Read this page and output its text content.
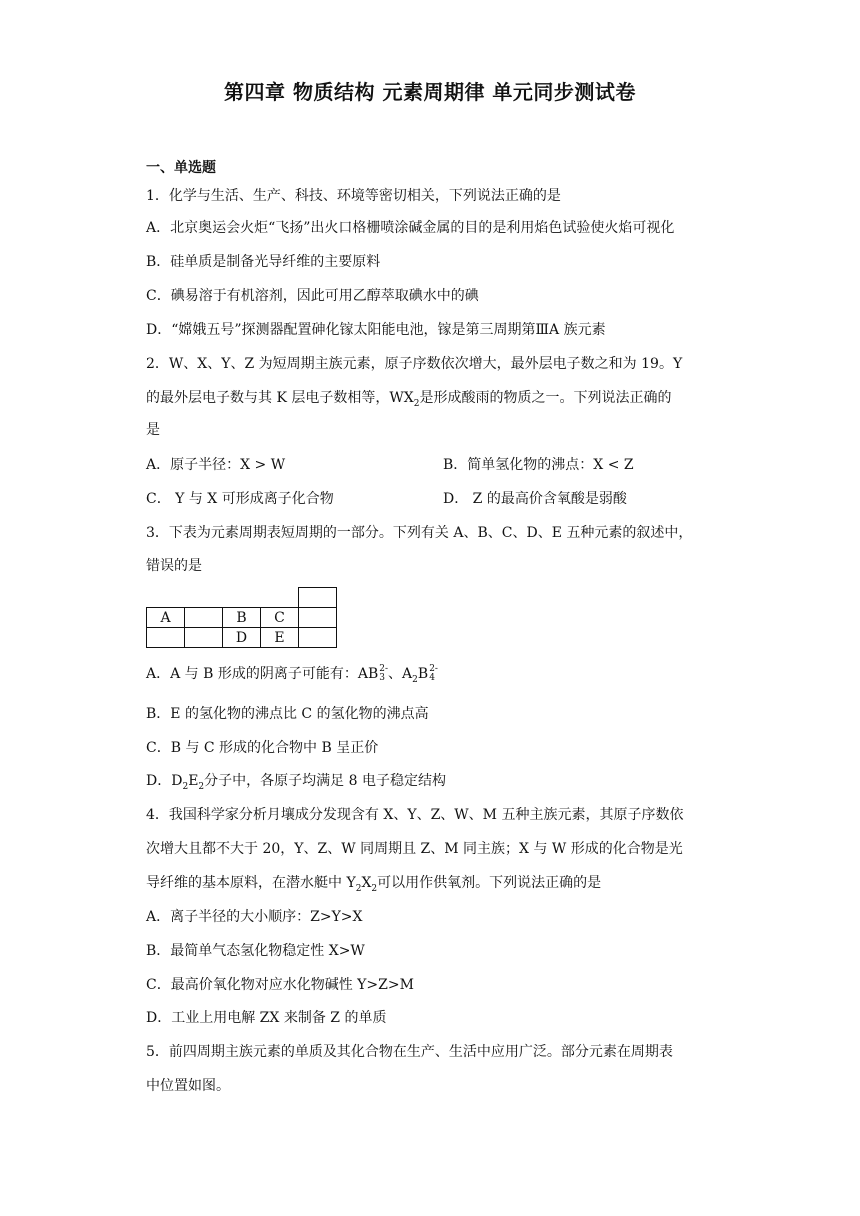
第四章 物质结构 元素周期律 单元同步测试卷
一、单选题
1．化学与生活、生产、科技、环境等密切相关，下列说法正确的是
A．北京奥运会火炬“飞扬”出火口格栅喷涂碱金属的目的是利用焰色试验使火焰可视化
B．硅单质是制备光导纤维的主要原料
C．碘易溶于有机溶剂，因此可用乙醇萃取碘水中的碘
D．“嫦娥五号”探测器配置砷化镓太阳能电池，镓是第三周期第ⅢA 族元素
2．W、X、Y、Z 为短周期主族元素，原子序数依次增大，最外层电子数之和为 19。Y
的最外层电子数与其 K 层电子数相等，$WX_2$是形成酸雨的物质之一。下列说法正确的
是
A．原子半径：X > W	B．简单氢化物的沸点：X < Z
C． Y 与 X 可形成离子化合物	D． Z 的最高价含氧酸是弱酸
3．下表为元素周期表短周期的一部分。下列有关 A、B、C、D、E 五种元素的叙述中，
错误的是

A		B	C	
		D	E	
A．A 与 B 形成的阴离子可能有：AB 2-
3 、$A_2B$ 2-
4
B．E 的氢化物的沸点比 C 的氢化物的沸点高
C．B 与 C 形成的化合物中 B 呈正价
D．$D_2E_2$分子中，各原子均满足 8 电子稳定结构
4．我国科学家分析月壤成分发现含有 X、Y、Z、W、M 五种主族元素，其原子序数依
次增大且都不大于 20，Y、Z、W 同周期且 Z、M 同主族；X 与 W 形成的化合物是光
导纤维的基本原料，在潜水艇中 $Y_2X_2$可以用作供氧剂。下列说法正确的是
A．离子半径的大小顺序：Z>Y>X
B．最简单气态氢化物稳定性 X>W
C．最高价氧化物对应水化物碱性 Y>Z>M
D．工业上用电解 ZX 来制备 Z 的单质
5．前四周期主族元素的单质及其化合物在生产、生活中应用广泛。部分元素在周期表
中位置如图。
